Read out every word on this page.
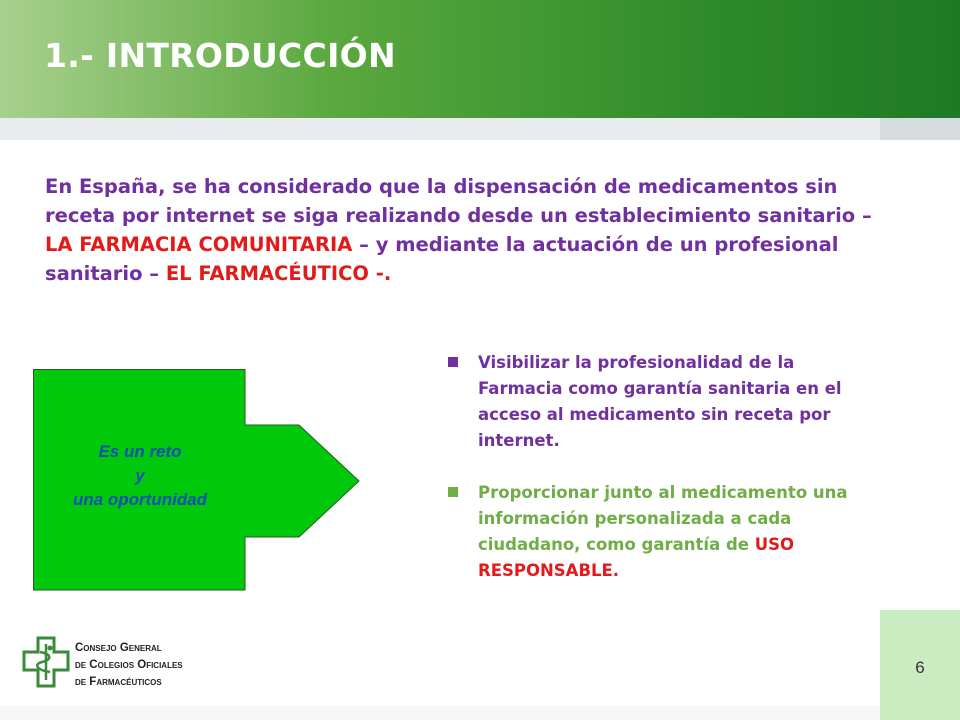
1.- INTRODUCCIÓN

En España, se ha considerado que la dispensación de medicamentos sin receta por internet se siga realizando desde un establecimiento sanitario – LA FARMACIA COMUNITARIA – y mediante la actuación de un profesional sanitario – EL FARMACÉUTICO -.

Es un reto
y
una oportunidad
Visibilizar la profesionalidad de la Farmacia como garantía sanitaria en el acceso al medicamento sin receta por internet.
Proporcionar junto al medicamento una información personalizada a cada ciudadano, como garantía de USO RESPONSABLE.
6
Consejo General
de Colegios Oficiales
de Farmacéuticos
